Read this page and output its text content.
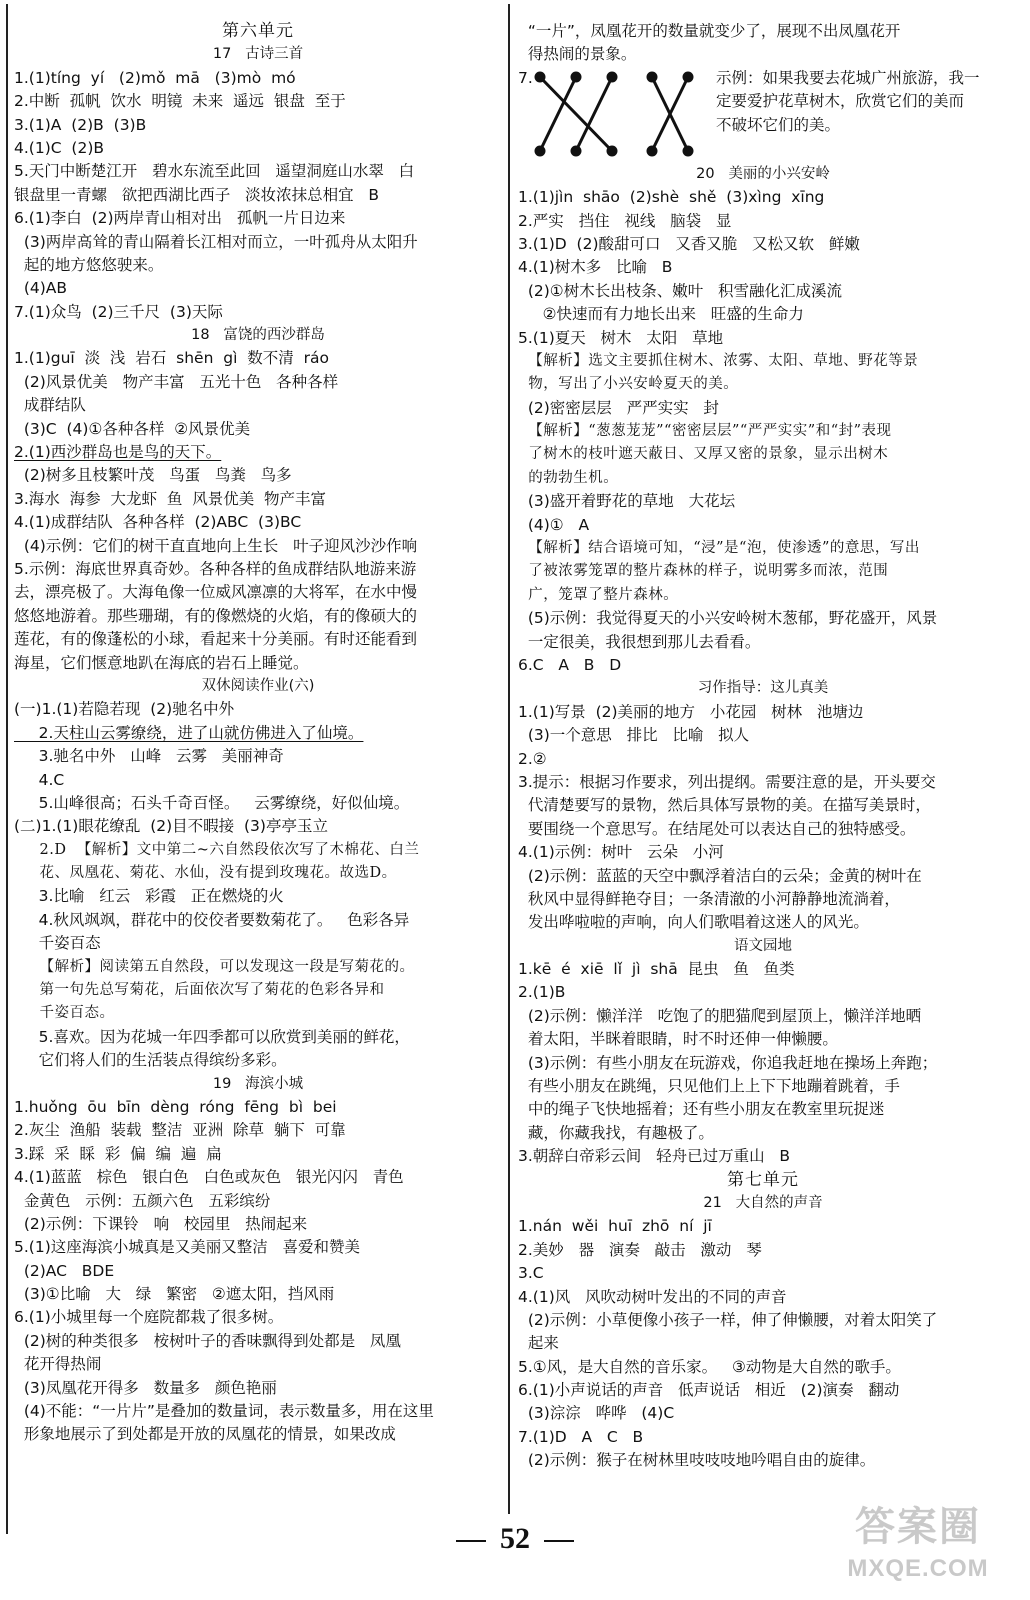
第六单元
17   古诗三首
1.(1)tíng  yí   (2)mǒ  mā   (3)mò  mó
2.中断  孤帆  饮水  明镜  未来  遥远  银盘  至于
3.(1)A  (2)B  (3)B
4.(1)C  (2)B
5.天门中断楚江开   碧水东流至此回   遥望洞庭山水翠   白
银盘里一青螺   欲把西湖比西子   淡妆浓抹总相宜   B
6.(1)李白  (2)两岸青山相对出   孤帆一片日边来
(3)两岸高耸的青山隔着长江相对而立，一叶孤舟从太阳升
起的地方悠悠驶来。
(4)AB
7.(1)众鸟  (2)三千尺  (3)天际
18   富饶的西沙群岛
1.(1)guī  淡  浅  岩石  shēn  gì  数不清  ráo
(2)风景优美   物产丰富   五光十色   各种各样
成群结队
(3)C  (4)①各种各样  ②风景优美
2.(1)西沙群岛也是鸟的天下。
(2)树多且枝繁叶茂   鸟蛋   鸟粪   鸟多
3.海水  海参  大龙虾  鱼  风景优美  物产丰富
4.(1)成群结队  各种各样  (2)ABC  (3)BC
(4)示例：它们的树干直直地向上生长   叶子迎风沙沙作响
5.示例：海底世界真奇妙。各种各样的鱼成群结队地游来游
去，漂亮极了。大海龟像一位威风凛凛的大将军，在水中慢
悠悠地游着。那些珊瑚，有的像燃烧的火焰，有的像硕大的
莲花，有的像蓬松的小球，看起来十分美丽。有时还能看到
海星，它们惬意地趴在海底的岩石上睡觉。
双休阅读作业(六)
(一)1.(1)若隐若现  (2)驰名中外
2.天柱山云雾缭绕，进了山就仿佛进入了仙境。
3.驰名中外   山峰   云雾   美丽神奇
4.C
5.山峰很高；石头千奇百怪。   云雾缭绕，好似仙境。
(二)1.(1)眼花缭乱  (2)目不暇接  (3)亭亭玉立
2.D  【解析】文中第二~六自然段依次写了木棉花、白兰
花、凤凰花、菊花、水仙，没有提到玫瑰花。故选D。
3.比喻   红云   彩霞   正在燃烧的火
4.秋风飒飒，群花中的佼佼者要数菊花了。   色彩各异
千姿百态
【解析】阅读第五自然段，可以发现这一段是写菊花的。
第一句先总写菊花，后面依次写了菊花的色彩各异和
千姿百态。
5.喜欢。因为花城一年四季都可以欣赏到美丽的鲜花，
它们将人们的生活装点得缤纷多彩。
19   海滨小城
1.huǒng  ōu  bīn  dèng  róng  fēng  bì  bei
2.灰尘  渔船  装载  整洁  亚洲  除草  躺下  可靠
3.踩  采  睬  彩  偏  编  遍  扁
4.(1)蓝蓝   棕色   银白色   白色或灰色   银光闪闪   青色
金黄色   示例：五颜六色   五彩缤纷
(2)示例：下课铃   响   校园里   热闹起来
5.(1)这座海滨小城真是又美丽又整洁   喜爱和赞美
(2)AC   BDE
(3)①比喻   大   绿   繁密   ②遮太阳，挡风雨
6.(1)小城里每一个庭院都栽了很多树。
(2)树的种类很多   桉树叶子的香味飘得到处都是   凤凰
花开得热闹
(3)凤凰花开得多   数量多   颜色艳丽
(4)不能：“一片片”是叠加的数量词，表示数量多，用在这里
形象地展示了到处都是开放的凤凰花的情景，如果改成
“一片”，凤凰花开的数量就变少了，展现不出凤凰花开
得热闹的景象。
7.	示例：如果我要去花城广州旅游，我一
定要爱护花草树木，欣赏它们的美而
不破坏它们的美。
20   美丽的小兴安岭
1.(1)jìn  shāo  (2)shè  shě  (3)xìng  xīng
2.严实   挡住   视线   脑袋   显
3.(1)D  (2)酸甜可口   又香又脆   又松又软   鲜嫩
4.(1)树木多   比喻   B
(2)①树木长出枝条、嫩叶   积雪融化汇成溪流
②快速而有力地长出来   旺盛的生命力
5.(1)夏天   树木   太阳   草地
【解析】选文主要抓住树木、浓雾、太阳、草地、野花等景
物，写出了小兴安岭夏天的美。
(2)密密层层   严严实实   封
【解析】“葱葱茏茏”“密密层层”“严严实实”和“封”表现
了树木的枝叶遮天蔽日、又厚又密的景象，显示出树木
的勃勃生机。
(3)盛开着野花的草地   大花坛
(4)①   A
【解析】结合语境可知，“浸”是“泡，使渗透”的意思，写出
了被浓雾笼罩的整片森林的样子，说明雾多而浓，范围
广，笼罩了整片森林。
(5)示例：我觉得夏天的小兴安岭树木葱郁，野花盛开，风景
一定很美，我很想到那儿去看看。
6.C   A   B   D
习作指导：这儿真美
1.(1)写景  (2)美丽的地方   小花园   树林   池塘边
(3)一个意思   排比   比喻   拟人
2.②
3.提示：根据习作要求，列出提纲。需要注意的是，开头要交
代清楚要写的景物，然后具体写景物的美。在描写美景时，
要围绕一个意思写。在结尾处可以表达自己的独特感受。
4.(1)示例：树叶   云朵   小河
(2)示例：蓝蓝的天空中飘浮着洁白的云朵；金黄的树叶在
秋风中显得鲜艳夺目；一条清澈的小河静静地流淌着，
发出哗啦啦的声响，向人们歌唱着这迷人的风光。
语文园地
1.kē  é  xiē  lǐ  jì  shā  昆虫   鱼   鱼类
2.(1)B
(2)示例：懒洋洋   吃饱了的肥猫爬到屋顶上，懒洋洋地晒
着太阳，半眯着眼睛，时不时还伸一伸懒腰。
(3)示例：有些小朋友在玩游戏，你追我赶地在操场上奔跑；
有些小朋友在跳绳，只见他们上上下下地蹦着跳着，手
中的绳子飞快地摇着；还有些小朋友在教室里玩捉迷
藏，你藏我找，有趣极了。
3.朝辞白帝彩云间   轻舟已过万重山   B
第七单元
21   大自然的声音
1.nán  wěi  huī  zhō  ní  jī
2.美妙   器   演奏   敲击   激动   琴
3.C
4.(1)风   风吹动树叶发出的不同的声音
(2)示例：小草便像小孩子一样，伸了伸懒腰，对着太阳笑了
起来
5.①风，是大自然的音乐家。   ③动物是大自然的歌手。
6.(1)小声说话的声音   低声说话   相近   (2)演奏   翻动
(3)淙淙   哗哗   (4)C
7.(1)D   A   C   B
(2)示例：猴子在树林里吱吱吱地吟唱自由的旋律。
52	答案圈
MXQE.COM
